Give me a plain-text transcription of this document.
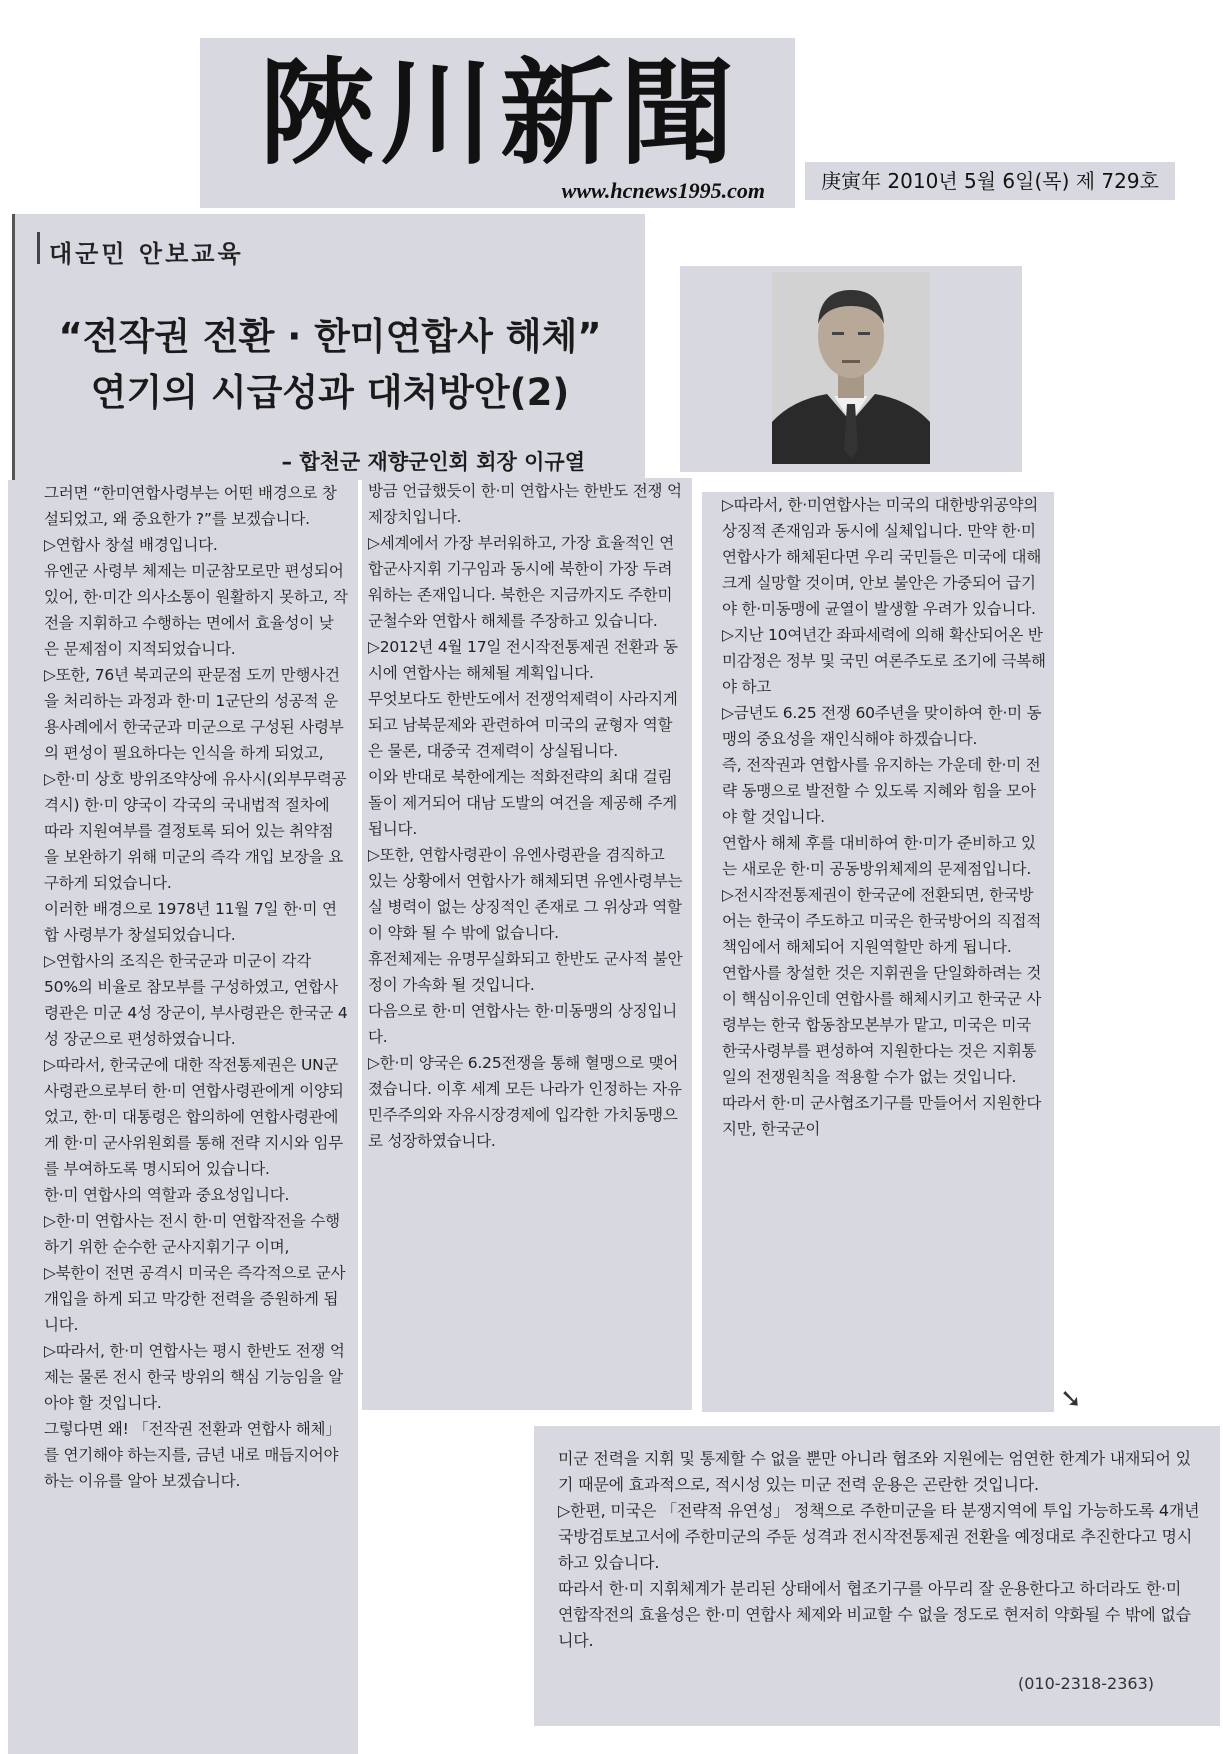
陜川新聞
www.hcnews1995.com	庚寅年 2010년 5월 6일(목) 제 729호
대군민 안보교육
“전작권 전환 · 한미연합사 해체”
연기의 시급성과 대처방안(2)
– 합천군 재향군인회 회장 이규열

그러면 “한미연합사령부는 어떤 배경으로 창설되었고, 왜 중요한가 ?”를 보겠습니다.

▷연합사 창설 배경입니다.

유엔군 사령부 체제는 미군참모로만 편성되어 있어, 한·미간 의사소통이 원활하지 못하고, 작전을 지휘하고 수행하는 면에서 효율성이 낮은 문제점이 지적되었습니다.

▷또한, 76년 북괴군의 판문점 도끼 만행사건을 처리하는 과정과 한·미 1군단의 성공적 운용사례에서 한국군과 미군으로 구성된 사령부의 편성이 필요하다는 인식을 하게 되었고,

▷한·미 상호 방위조약상에 유사시(외부무력공격시) 한·미 양국이 각국의 국내법적 절차에 따라 지원여부를 결정토록 되어 있는 취약점을 보완하기 위해 미군의 즉각 개입 보장을 요구하게 되었습니다.

이러한 배경으로 1978년 11월 7일 한·미 연합 사령부가 창설되었습니다.

▷연합사의 조직은 한국군과 미군이 각각 50%의 비율로 참모부를 구성하였고, 연합사령관은 미군 4성 장군이, 부사령관은 한국군 4성 장군으로 편성하였습니다.

▷따라서, 한국군에 대한 작전통제권은 UN군 사령관으로부터 한·미 연합사령관에게 이양되었고, 한·미 대통령은 합의하에 연합사령관에게 한·미 군사위원회를 통해 전략 지시와 임무를 부여하도록 명시되어 있습니다.

한·미 연합사의 역할과 중요성입니다.

▷한·미 연합사는 전시 한·미 연합작전을 수행하기 위한 순수한 군사지휘기구 이며,

▷북한이 전면 공격시 미국은 즉각적으로 군사 개입을 하게 되고 막강한 전력을 증원하게 됩니다.

▷따라서, 한·미 연합사는 평시 한반도 전쟁 억제는 물론 전시 한국 방위의 핵심 기능임을 알아야 할 것입니다.

그렇다면 왜! 「전작권 전환과 연합사 해체」를 연기해야 하는지를, 금년 내로 매듭지어야 하는 이유를 알아 보겠습니다.

방금 언급했듯이 한·미 연합사는 한반도 전쟁 억제장치입니다.

▷세계에서 가장 부러워하고, 가장 효율적인 연합군사지휘 기구임과 동시에 북한이 가장 두려워하는 존재입니다. 북한은 지금까지도 주한미군철수와 연합사 해체를 주장하고 있습니다.

▷2012년 4월 17일 전시작전통제권 전환과 동시에 연합사는 해체될 계획입니다.

무엇보다도 한반도에서 전쟁억제력이 사라지게 되고 남북문제와 관련하여 미국의 균형자 역할은 물론, 대중국 견제력이 상실됩니다.

이와 반대로 북한에게는 적화전략의 최대 걸림돌이 제거되어 대남 도발의 여건을 제공해 주게 됩니다.

▷또한, 연합사령관이 유엔사령관을 겸직하고 있는 상황에서 연합사가 해체되면 유엔사령부는 실 병력이 없는 상징적인 존재로 그 위상과 역할이 약화 될 수 밖에 없습니다.

휴전체제는 유명무실화되고 한반도 군사적 불안정이 가속화 될 것입니다.

다음으로 한·미 연합사는 한·미동맹의 상징입니다.

▷한·미 양국은 6.25전쟁을 통해 혈맹으로 맺어졌습니다. 이후 세계 모든 나라가 인정하는 자유민주주의와 자유시장경제에 입각한 가치동맹으로 성장하였습니다.

▷따라서, 한·미연합사는 미국의 대한방위공약의 상징적 존재임과 동시에 실체입니다. 만약 한·미연합사가 해체된다면 우리 국민들은 미국에 대해 크게 실망할 것이며, 안보 불안은 가중되어 급기야 한·미동맹에 균열이 발생할 우려가 있습니다.

▷지난 10여년간 좌파세력에 의해 확산되어온 반미감정은 정부 및 국민 여론주도로 조기에 극복해야 하고

▷금년도 6.25 전쟁 60주년을 맞이하여 한·미 동맹의 중요성을 재인식해야 하겠습니다.

즉, 전작권과 연합사를 유지하는 가운데 한·미 전략 동맹으로 발전할 수 있도록 지혜와 힘을 모아야 할 것입니다.

연합사 해체 후를 대비하여 한·미가 준비하고 있는 새로운 한·미 공동방위체제의 문제점입니다.

▷전시작전통제권이 한국군에 전환되면, 한국방어는 한국이 주도하고 미국은 한국방어의 직접적 책임에서 해체되어 지원역할만 하게 됩니다.

연합사를 창설한 것은 지휘권을 단일화하려는 것이 핵심이유인데 연합사를 해체시키고 한국군 사령부는 한국 합동참모본부가 맡고, 미국은 미국 한국사령부를 편성하여 지원한다는 것은 지휘통일의 전쟁원칙을 적용할 수가 없는 것입니다.

따라서 한·미 군사협조기구를 만들어서 지원한다지만, 한국군이

➘

미군 전력을 지휘 및 통제할 수 없을 뿐만 아니라 협조와 지원에는 엄연한 한계가 내재되어 있기 때문에 효과적으로, 적시성 있는 미군 전력 운용은 곤란한 것입니다.

▷한편, 미국은 「전략적 유연성」 정책으로 주한미군을 타 분쟁지역에 투입 가능하도록 4개년 국방검토보고서에 주한미군의 주둔 성격과 전시작전통제권 전환을 예정대로 추진한다고 명시하고 있습니다.

따라서 한·미 지휘체계가 분리된 상태에서 협조기구를 아무리 잘 운용한다고 하더라도 한·미 연합작전의 효율성은 한·미 연합사 체제와 비교할 수 없을 정도로 현저히 약화될 수 밖에 없습니다.

(010-2318-2363)
